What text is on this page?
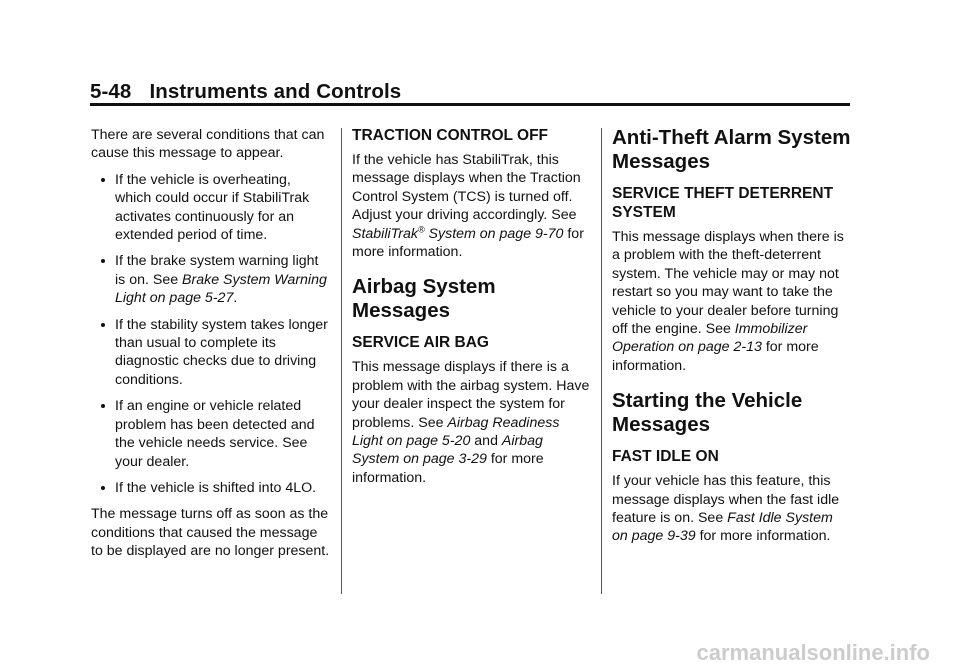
5-48 Instruments and Controls

There are several conditions that can cause this message to appear.

If the vehicle is overheating, which could occur if StabiliTrak activates continuously for an extended period of time.
If the brake system warning light is on. See Brake System Warning Light on page 5-27.
If the stability system takes longer than usual to complete its diagnostic checks due to driving conditions.
If an engine or vehicle related problem has been detected and the vehicle needs service. See your dealer.
If the vehicle is shifted into 4LO.

The message turns off as soon as the conditions that caused the message to be displayed are no longer present.

TRACTION CONTROL OFF

If the vehicle has StabiliTrak, this message displays when the Traction Control System (TCS) is turned off. Adjust your driving accordingly. See StabiliTrak® System on page 9-70 for more information.

Airbag System Messages
SERVICE AIR BAG

This message displays if there is a problem with the airbag system. Have your dealer inspect the system for problems. See Airbag Readiness Light on page 5-20 and Airbag System on page 3-29 for more information.

Anti-Theft Alarm System Messages
SERVICE THEFT DETERRENT SYSTEM

This message displays when there is a problem with the theft-deterrent system. The vehicle may or may not restart so you may want to take the vehicle to your dealer before turning off the engine. See Immobilizer Operation on page 2-13 for more information.

Starting the Vehicle Messages
FAST IDLE ON

If your vehicle has this feature, this message displays when the fast idle feature is on. See Fast Idle System on page 9-39 for more information.

carmanualsonline.info
